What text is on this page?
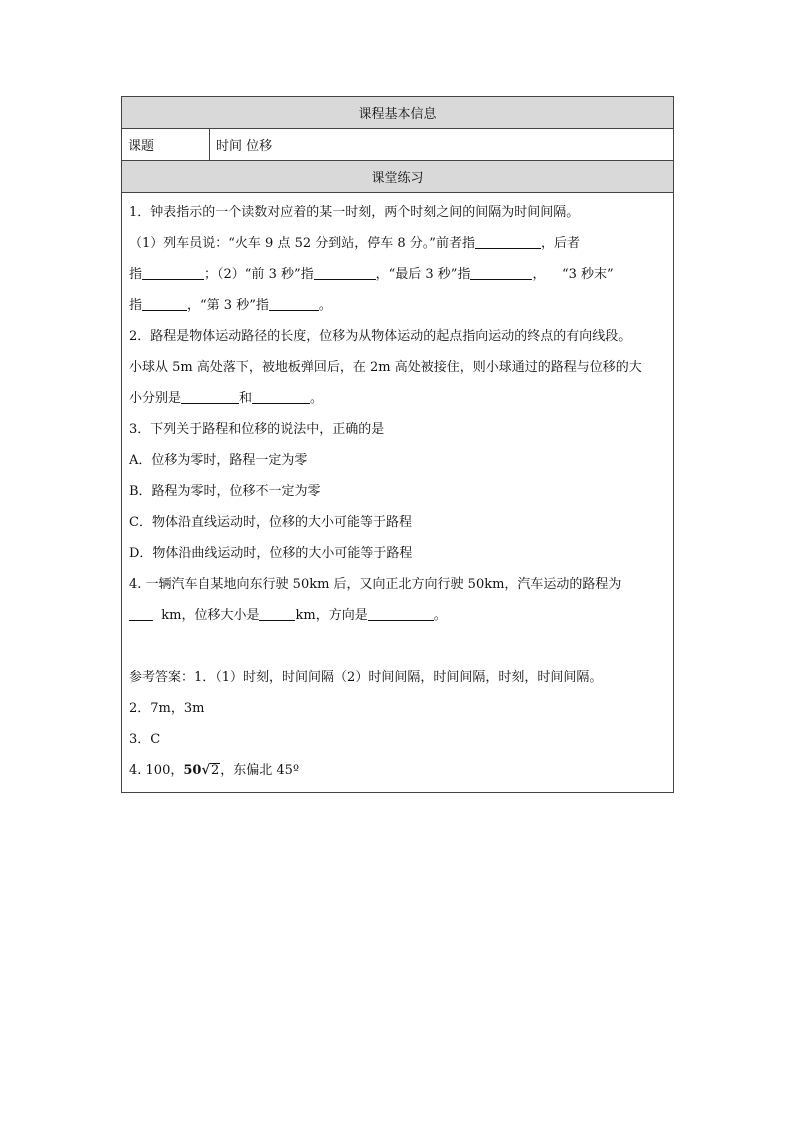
课程基本信息
课题	时间 位移
课堂练习
1．钟表指示的一个读数对应着的某一时刻，两个时刻之间的间隔为时间间隔。
（1）列车员说：“火车 9 点 52 分到站，停车 8 分。”前者指	，后者
指	；（2）“前 3 秒”指	，“最后 3 秒”指	， “3 秒末”
指	，“第 3 秒”指	。
2．路程是物体运动路径的长度，位移为从物体运动的起点指向运动的终点的有向线段。
小球从 5m 高处落下，被地板弹回后，在 2m 高处被接住，则小球通过的路程与位移的大
小分别是	和	。
3．下列关于路程和位移的说法中，正确的是
A．位移为零时，路程一定为零
B．路程为零时，位移不一定为零
C．物体沿直线运动时，位移的大小可能等于路程
D．物体沿曲线运动时，位移的大小可能等于路程
4. 一辆汽车自某地向东行驶 50km 后，又向正北方向行驶 50km，汽车运动的路程为
km，位移大小是	km，方向是	。
参考答案：1．（1）时刻，时间间隔（2）时间间隔，时间间隔，时刻，时间间隔。
2．7m，3m
3．C
4. 100，50√2，东偏北 45º
